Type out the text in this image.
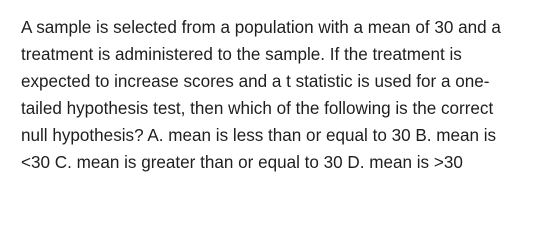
A sample is selected from a population with a mean of 30 and a
treatment is administered to the sample. If the treatment is
expected to increase scores and a t statistic is used for a one-
tailed hypothesis test, then which of the following is the correct
null hypothesis? A. mean is less than or equal to 30 B. mean is
<30 C. mean is greater than or equal to 30 D. mean is >30
